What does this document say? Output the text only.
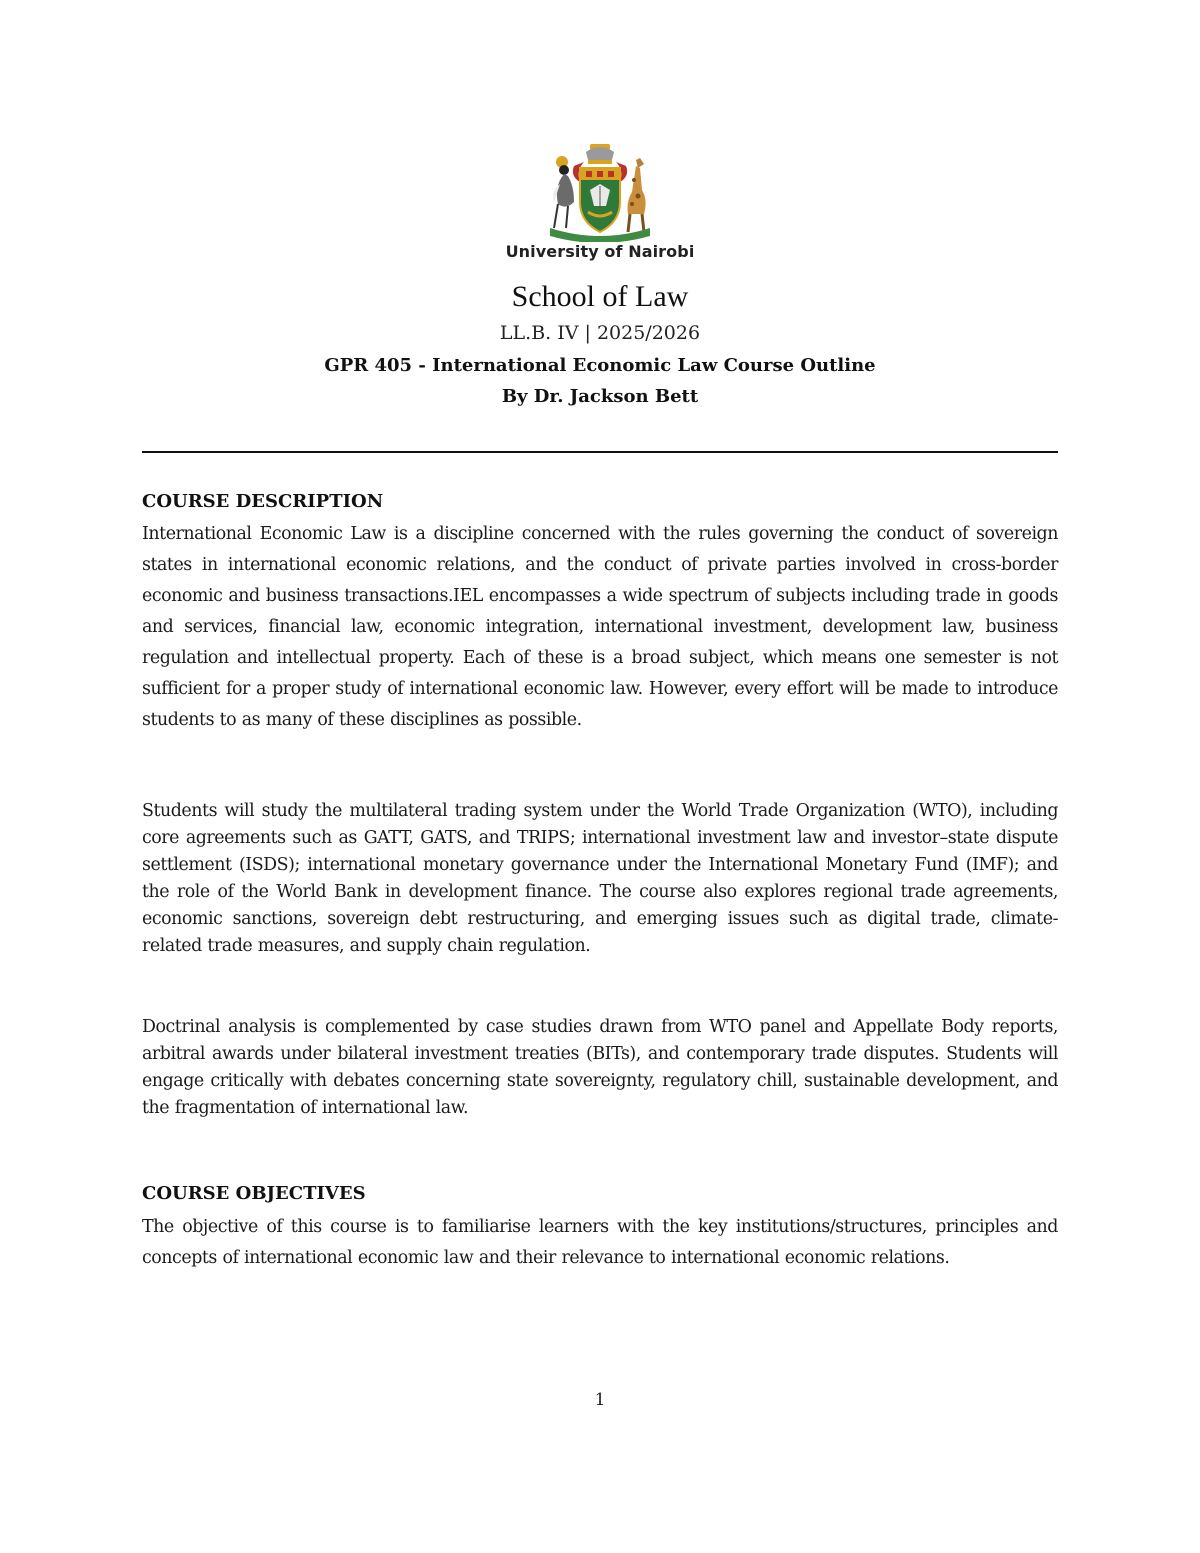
University of Nairobi
School of Law
LL.B. IV | 2025/2026
GPR 405 - International Economic Law Course Outline
By Dr. Jackson Bett
COURSE DESCRIPTION

International Economic Law is a discipline concerned with the rules governing the conduct of sovereign states in international economic relations, and the conduct of private parties involved in cross-border economic and business transactions.IEL encompasses a wide spectrum of subjects including trade in goods and services, financial law, economic integration, international investment, development law, business regulation and intellectual property. Each of these is a broad subject, which means one semester is not sufficient for a proper study of international economic law. However, every effort will be made to introduce students to as many of these disciplines as possible.

Students will study the multilateral trading system under the World Trade Organization (WTO), including core agreements such as GATT, GATS, and TRIPS; international investment law and investor–state dispute settlement (ISDS); international monetary governance under the International Monetary Fund (IMF); and the role of the World Bank in development finance. The course also explores regional trade agreements, economic sanctions, sovereign debt restructuring, and emerging issues such as digital trade, climate-related trade measures, and supply chain regulation.

Doctrinal analysis is complemented by case studies drawn from WTO panel and Appellate Body reports, arbitral awards under bilateral investment treaties (BITs), and contemporary trade disputes. Students will engage critically with debates concerning state sovereignty, regulatory chill, sustainable development, and the fragmentation of international law.

COURSE OBJECTIVES

The objective of this course is to familiarise learners with the key institutions/structures, principles and concepts of international economic law and their relevance to international economic relations.

1
